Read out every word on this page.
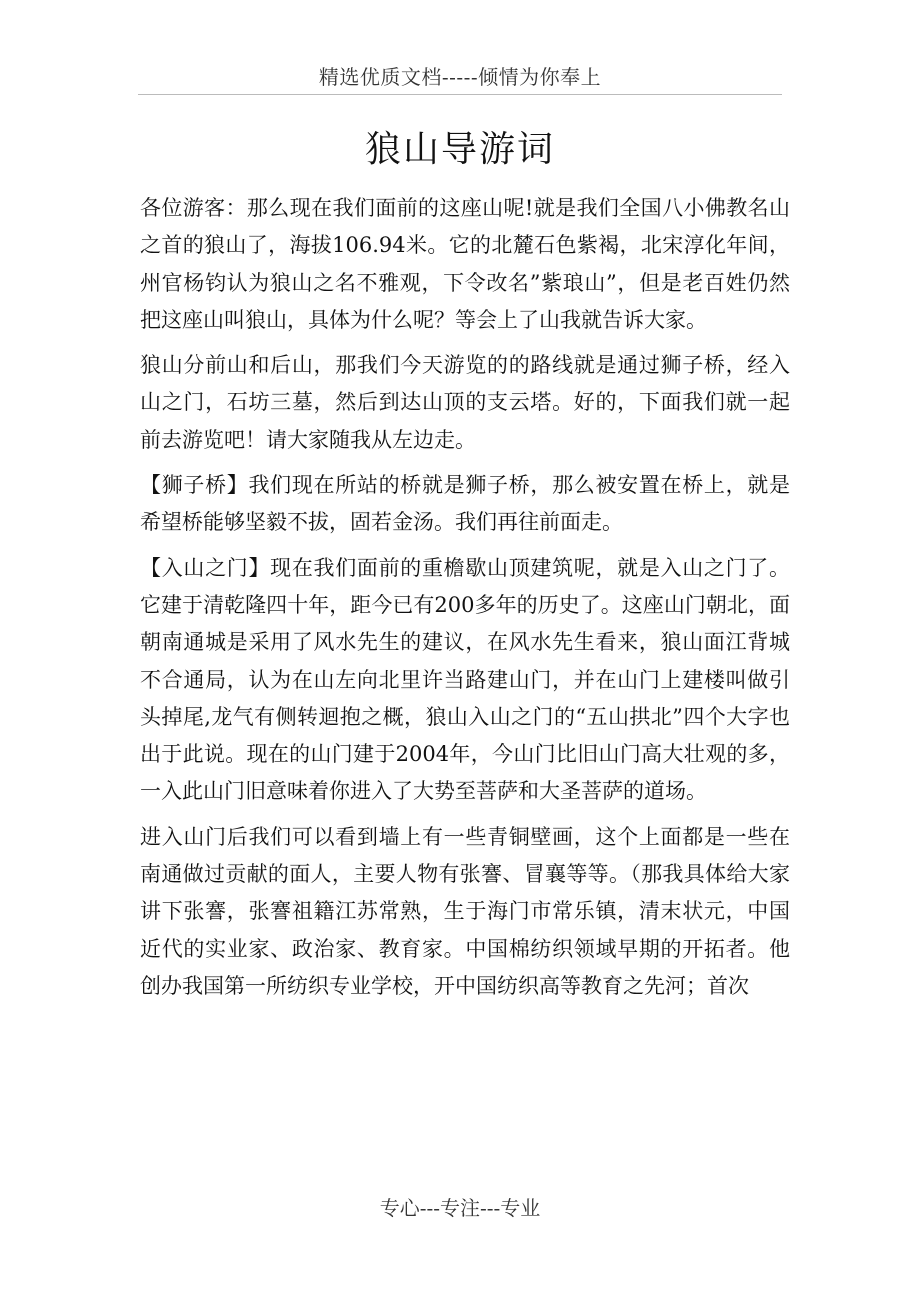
精选优质文档-----倾情为你奉上
狼山导游词

各位游客：那么现在我们面前的这座山呢!就是我们全国八小佛教名山之首的狼山了，海拔106.94米。它的北麓石色紫褐，北宋淳化年间，州官杨钧认为狼山之名不雅观，下令改名”紫琅山”，但是老百姓仍然把这座山叫狼山，具体为什么呢？等会上了山我就告诉大家。

狼山分前山和后山，那我们今天游览的的路线就是通过狮子桥，经入山之门，石坊三墓，然后到达山顶的支云塔。好的，下面我们就一起前去游览吧！请大家随我从左边走。

【狮子桥】我们现在所站的桥就是狮子桥，那么被安置在桥上，就是希望桥能够坚毅不拔，固若金汤。我们再往前面走。

【入山之门】现在我们面前的重檐歇山顶建筑呢，就是入山之门了。它建于清乾隆四十年，距今已有200多年的历史了。这座山门朝北，面朝南通城是采用了风水先生的建议，在风水先生看来，狼山面江背城不合通局，认为在山左向北里许当路建山门，并在山门上建楼叫做引头掉尾,龙气有侧转迴抱之概，狼山入山之门的“五山拱北”四个大字也出于此说。现在的山门建于2004年，今山门比旧山门高大壮观的多，一入此山门旧意味着你进入了大势至菩萨和大圣菩萨的道场。

进入山门后我们可以看到墙上有一些青铜壁画，这个上面都是一些在南通做过贡献的面人，主要人物有张謇、冒襄等等。（那我具体给大家讲下张謇，张謇祖籍江苏常熟，生于海门市常乐镇，清末状元，中国近代的实业家、政治家、教育家。中国棉纺织领域早期的开拓者。他创办我国第一所纺织专业学校，开中国纺织高等教育之先河；首次

专心---专注---专业
